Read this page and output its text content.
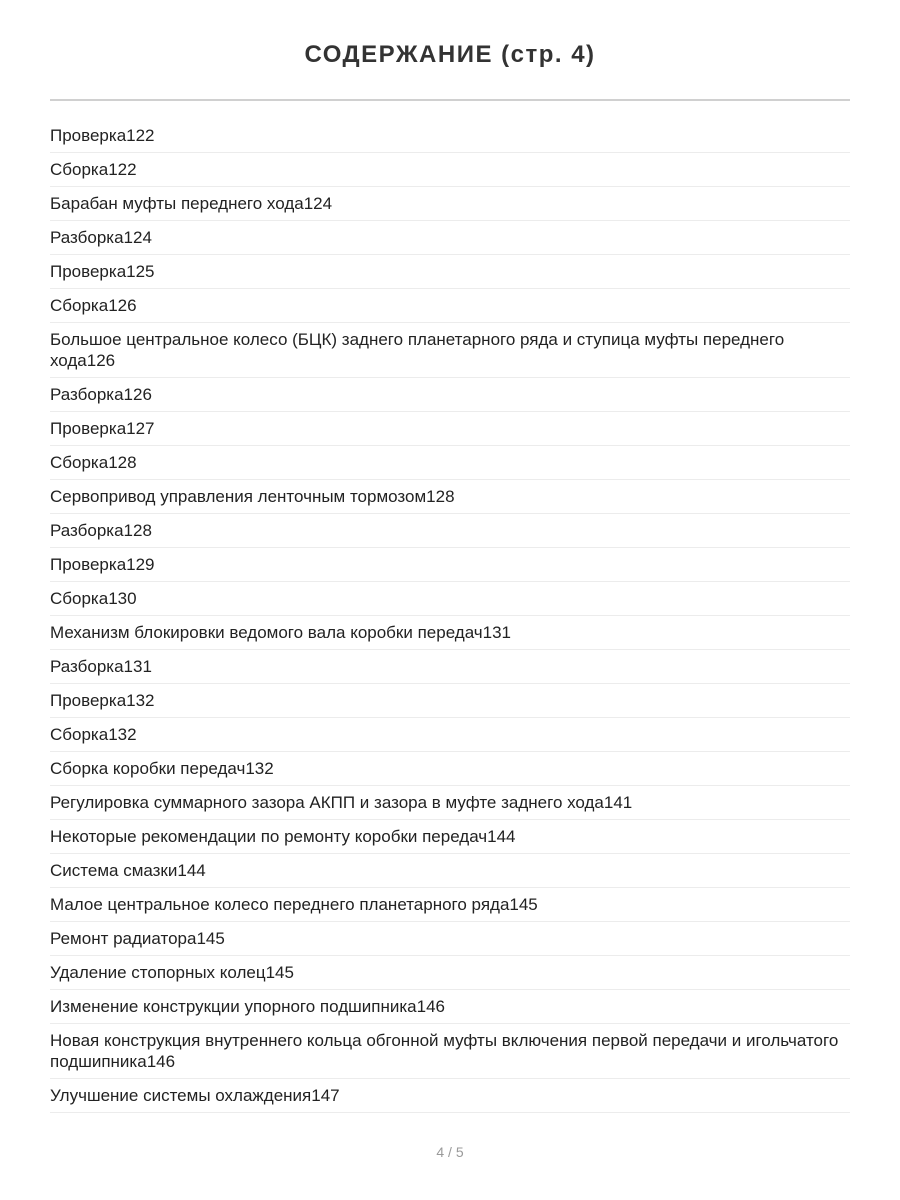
СОДЕРЖАНИЕ (стр. 4)
Проверка122
Сборка122
Барабан муфты переднего хода124
Разборка124
Проверка125
Сборка126
Большое центральное колесо (БЦК) заднего планетарного ряда и ступица муфты переднего хода126
Разборка126
Проверка127
Сборка128
Сервопривод управления ленточным тормозом128
Разборка128
Проверка129
Сборка130
Механизм блокировки ведомого вала коробки передач131
Разборка131
Проверка132
Сборка132
Сборка коробки передач132
Регулировка суммарного зазора АКПП и зазора в муфте заднего хода141
Некоторые рекомендации по ремонту коробки передач144
Система смазки144
Малое центральное колесо переднего планетарного ряда145
Ремонт радиатора145
Удаление стопорных колец145
Изменение конструкции упорного подшипника146
Новая конструкция внутреннего кольца обгонной муфты включения первой передачи и игольчатого подшипника146
Улучшение системы охлаждения147
4 / 5
